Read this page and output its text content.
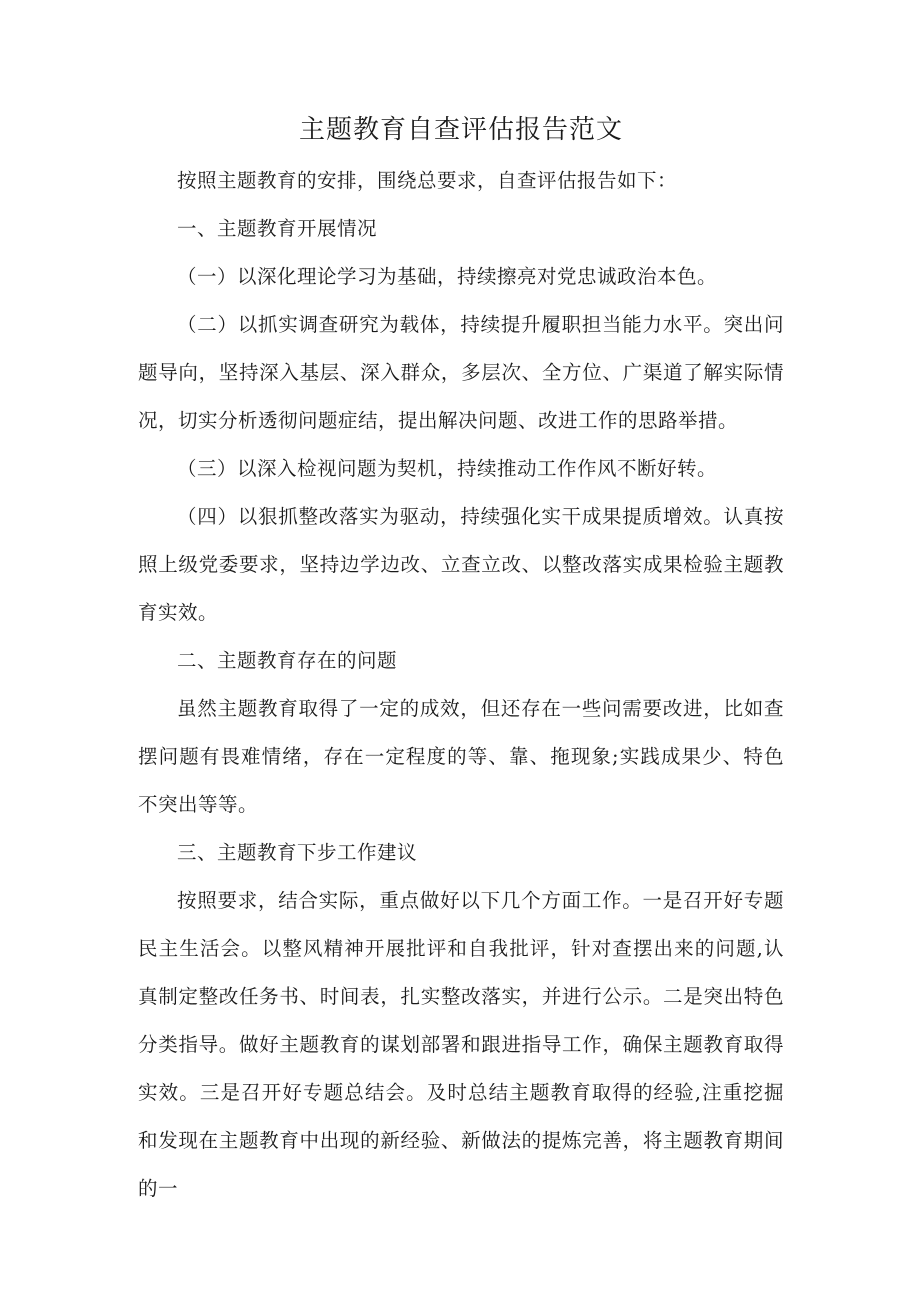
主题教育自查评估报告范文

按照主题教育的安排，围绕总要求，自查评估报告如下：

一、主题教育开展情况

（一）以深化理论学习为基础，持续擦亮对党忠诚政治本色。

（二）以抓实调查研究为载体，持续提升履职担当能力水平。突出问题导向，坚持深入基层、深入群众，多层次、全方位、广渠道了解实际情况，切实分析透彻问题症结，提出解决问题、改进工作的思路举措。

（三）以深入检视问题为契机，持续推动工作作风不断好转。

（四）以狠抓整改落实为驱动，持续强化实干成果提质增效。认真按照上级党委要求，坚持边学边改、立查立改、以整改落实成果检验主题教育实效。

二、主题教育存在的问题

虽然主题教育取得了一定的成效，但还存在一些问需要改进，比如查摆问题有畏难情绪，存在一定程度的等、靠、拖现象;实践成果少、特色不突出等等。

三、主题教育下步工作建议

按照要求，结合实际，重点做好以下几个方面工作。一是召开好专题民主生活会。以整风精神开展批评和自我批评，针对查摆出来的问题,认真制定整改任务书、时间表，扎实整改落实，并进行公示。二是突出特色分类指导。做好主题教育的谋划部署和跟进指导工作，确保主题教育取得实效。三是召开好专题总结会。及时总结主题教育取得的经验,注重挖掘和发现在主题教育中出现的新经验、新做法的提炼完善，将主题教育期间的一
